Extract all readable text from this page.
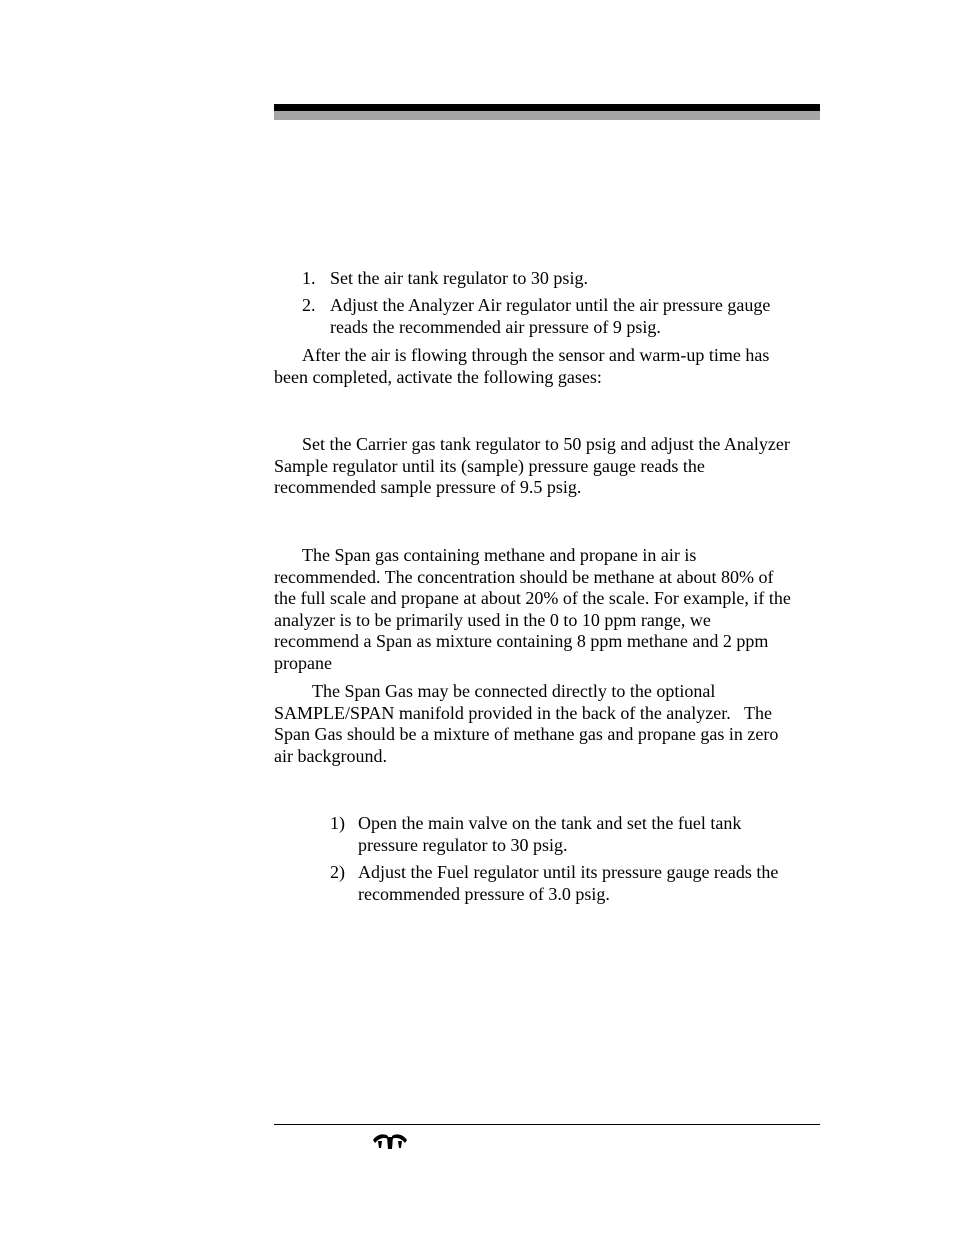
1. Set the air tank regulator to 30 psig.
2. Adjust the Analyzer Air regulator until the air pressure gauge
reads the recommended air pressure of 9 psig.
After the air is flowing through the sensor and warm-up time has
been completed, activate the following gases:
Set the Carrier gas tank regulator to 50 psig and adjust the Analyzer
Sample regulator until its (sample) pressure gauge reads the
recommended sample pressure of 9.5 psig.
The Span gas containing methane and propane in air is
recommended. The concentration should be methane at about 80% of
the full scale and propane at about 20% of the scale. For example, if the
analyzer is to be primarily used in the 0 to 10 ppm range, we
recommend a Span as mixture containing 8 ppm methane and 2 ppm
propane
The Span Gas may be connected directly to the optional
SAMPLE/SPAN manifold provided in the back of the analyzer.   The
Span Gas should be a mixture of methane gas and propane gas in zero
air background.
1) Open the main valve on the tank and set the fuel tank
pressure regulator to 30 psig.
2) Adjust the Fuel regulator until its pressure gauge reads the
recommended pressure of 3.0 psig.
